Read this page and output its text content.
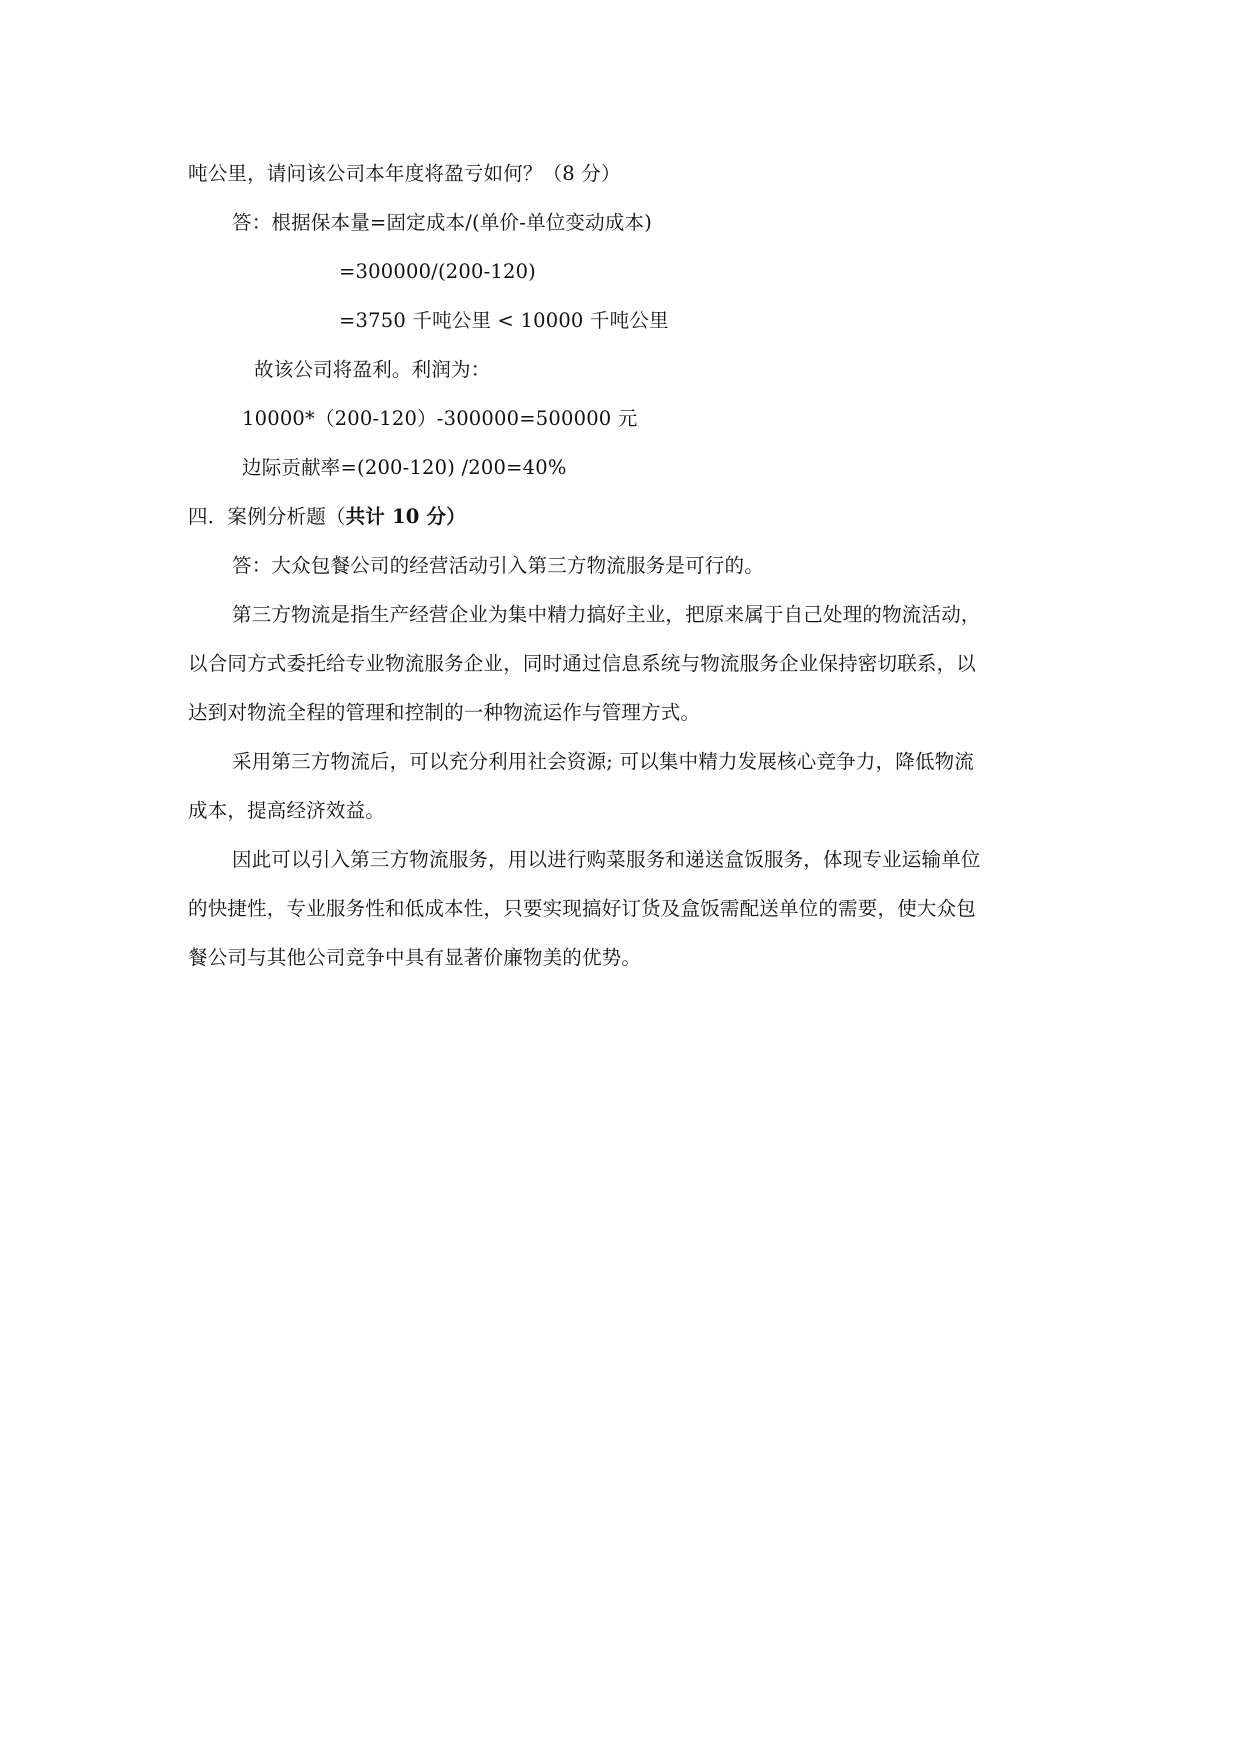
吨公里，请问该公司本年度将盈亏如何？（8 分）
答：根据保本量=固定成本/(单价-单位变动成本)
=300000/(200-120)
=3750 千吨公里 < 10000 千吨公里
故该公司将盈利。利润为：
10000*（200-120）-300000=500000 元
边际贡献率=(200-120) /200=40%
四．案例分析题（共计 10 分）
答：大众包餐公司的经营活动引入第三方物流服务是可行的。
第三方物流是指生产经营企业为集中精力搞好主业，把原来属于自己处理的物流活动，
以合同方式委托给专业物流服务企业，同时通过信息系统与物流服务企业保持密切联系，以
达到对物流全程的管理和控制的一种物流运作与管理方式。
采用第三方物流后，可以充分利用社会资源; 可以集中精力发展核心竞争力，降低物流
成本，提高经济效益。
因此可以引入第三方物流服务，用以进行购菜服务和递送盒饭服务，体现专业运输单位
的快捷性，专业服务性和低成本性，只要实现搞好订货及盒饭需配送单位的需要，使大众包
餐公司与其他公司竞争中具有显著价廉物美的优势。
